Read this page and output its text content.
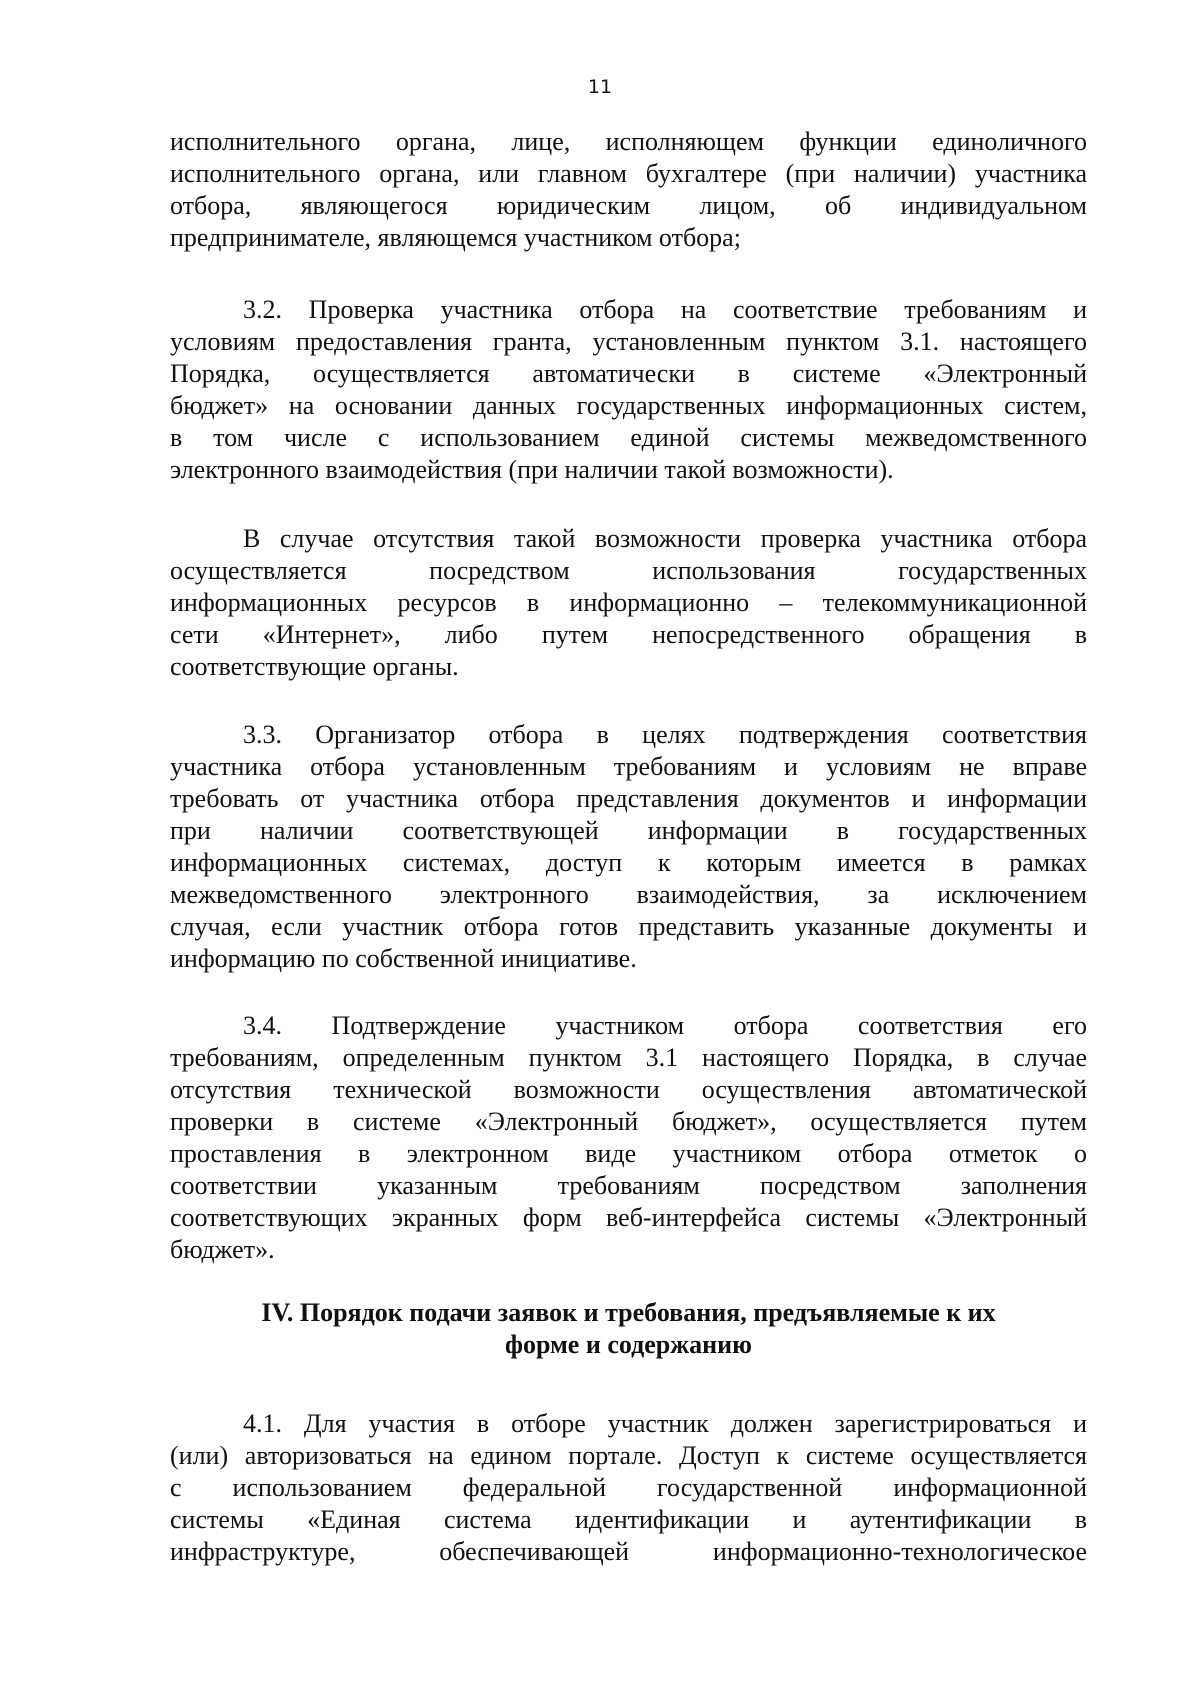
11
исполнительного органа, лице, исполняющем функции единоличного
исполнительного органа, или главном бухгалтере (при наличии) участника
отбора, являющегося юридическим лицом, об индивидуальном
предпринимателе, являющемся участником отбора;
3.2. Проверка участника отбора на соответствие требованиям и
условиям предоставления гранта, установленным пунктом 3.1. настоящего
Порядка, осуществляется автоматически в системе «Электронный
бюджет» на основании данных государственных информационных систем,
в том числе с использованием единой системы межведомственного
электронного взаимодействия (при наличии такой возможности).
В случае отсутствия такой возможности проверка участника отбора
осуществляется посредством использования государственных
информационных ресурсов в информационно – телекоммуникационной
сети «Интернет», либо путем непосредственного обращения в
соответствующие органы.
3.3. Организатор отбора в целях подтверждения соответствия
участника отбора установленным требованиям и условиям не вправе
требовать от участника отбора представления документов и информации
при наличии соответствующей информации в государственных
информационных системах, доступ к которым имеется в рамках
межведомственного электронного взаимодействия, за исключением
случая, если участник отбора готов представить указанные документы и
информацию по собственной инициативе.
3.4. Подтверждение участником отбора соответствия его
требованиям, определенным пунктом 3.1 настоящего Порядка, в случае
отсутствия технической возможности осуществления автоматической
проверки в системе «Электронный бюджет», осуществляется путем
проставления в электронном виде участником отбора отметок о
соответствии указанным требованиям посредством заполнения
соответствующих экранных форм веб-интерфейса системы «Электронный
бюджет».
IV. Порядок подачи заявок и требования, предъявляемые к их
форме и содержанию
4.1. Для участия в отборе участник должен зарегистрироваться и
(или) авторизоваться на едином портале. Доступ к системе осуществляется
с использованием федеральной государственной информационной
системы «Единая система идентификации и аутентификации в
инфраструктуре, обеспечивающей информационно-технологическое
